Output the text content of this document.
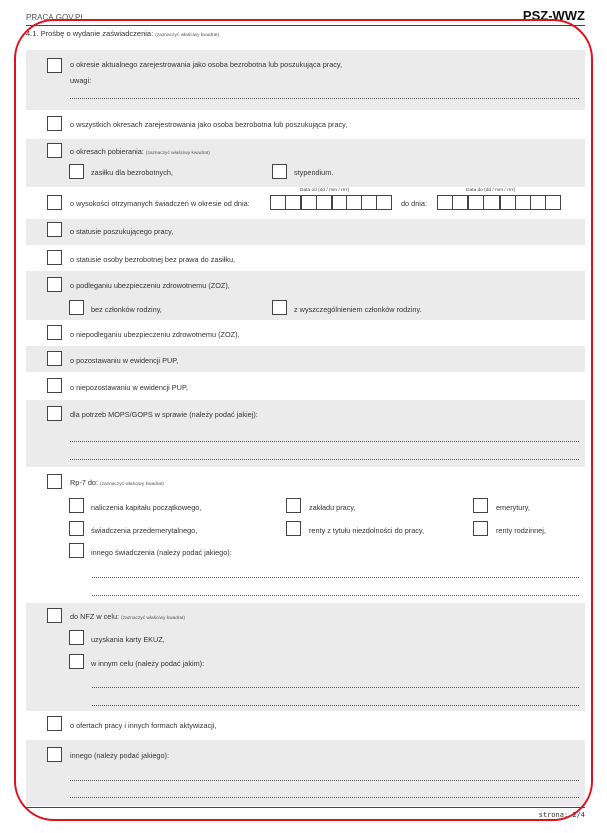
PRACA.GOV.PL	PSZ-WWZ
4.1. Prośbę o wydanie zaświadczenia: (zaznaczyć właściwy kwadrat)
o okresie aktualnego zarejestrowania jako osoba bezrobotna lub poszukująca pracy,
uwagi:
o wszystkich okresach zarejestrowania jako osoba bezrobotna lub poszukująca pracy,
o okresach pobierania: (zaznaczyć właściwy kwadrat)
zasiłku dla bezrobotnych,	stypendium.
o wysokości otrzymanych świadczeń w okresie od dnia:
Data od (dd / mm / rrrr)
do dnia:
Data do (dd / mm / rrrr)
o statusie poszukującego pracy,
o statusie osoby bezrobotnej bez prawa do zasiłku,
o podleganiu ubezpieczeniu zdrowotnemu (ZOZ),
bez członków rodziny,	z wyszczególnieniem członków rodziny.
o niepodleganiu ubezpieczeniu zdrowotnemu (ZOZ),
o pozostawaniu w ewidencji PUP,
o niepozostawaniu w ewidencji PUP,
dla potrzeb MOPS/GOPS w sprawie (należy podać jakiej):
Rp-7 do: (zaznaczyć właściwy kwadrat)
naliczenia kapitału początkowego,	zakładu pracy,	emerytury,
świadczenia przedemerytalnego,	renty z tytułu niezdolności do pracy,	renty rodzinnej,
innego świadczenia (należy podać jakiego):
do NFZ w celu: (zaznaczyć właściwy kwadrat)
uzyskania karty EKUZ,
w innym celu (należy podać jakim):
o ofertach pracy i innych formach aktywizacji,
innego (należy podać jakiego):
strona: 2/4
